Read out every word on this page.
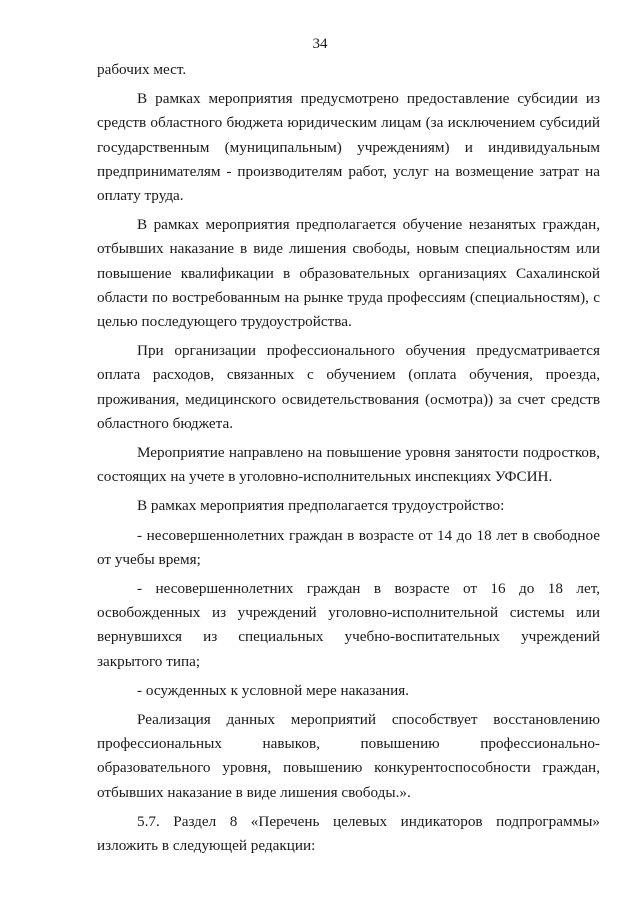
34

рабочих мест.

В рамках мероприятия предусмотрено предоставление субсидии из средств областного бюджета юридическим лицам (за исключением субсидий государственным (муниципальным) учреждениям) и индивидуальным предпринимателям - производителям работ, услуг на возмещение затрат на оплату труда.

В рамках мероприятия предполагается обучение незанятых граждан, отбывших наказание в виде лишения свободы, новым специальностям или повышение квалификации в образовательных организациях Сахалинской области по востребованным на рынке труда профессиям (специальностям), с целью последующего трудоустройства.

При организации профессионального обучения предусматривается оплата расходов, связанных с обучением (оплата обучения, проезда, проживания, медицинского освидетельствования (осмотра)) за счет средств областного бюджета.

Мероприятие направлено на повышение уровня занятости подростков, состоящих на учете в уголовно-исполнительных инспекциях УФСИН.

В рамках мероприятия предполагается трудоустройство:

- несовершеннолетних граждан в возрасте от 14 до 18 лет в свободное от учебы время;

- несовершеннолетних граждан в возрасте от 16 до 18 лет, освобожденных из учреждений уголовно-исполнительной системы или вернувшихся из специальных учебно-воспитательных учреждений закрытого типа;

- осужденных к условной мере наказания.

Реализация данных мероприятий способствует восстановлению профессиональных навыков, повышению профессионально-образовательного уровня, повышению конкурентоспособности граждан, отбывших наказание в виде лишения свободы.».

5.7. Раздел 8 «Перечень целевых индикаторов подпрограммы» изложить в следующей редакции:
